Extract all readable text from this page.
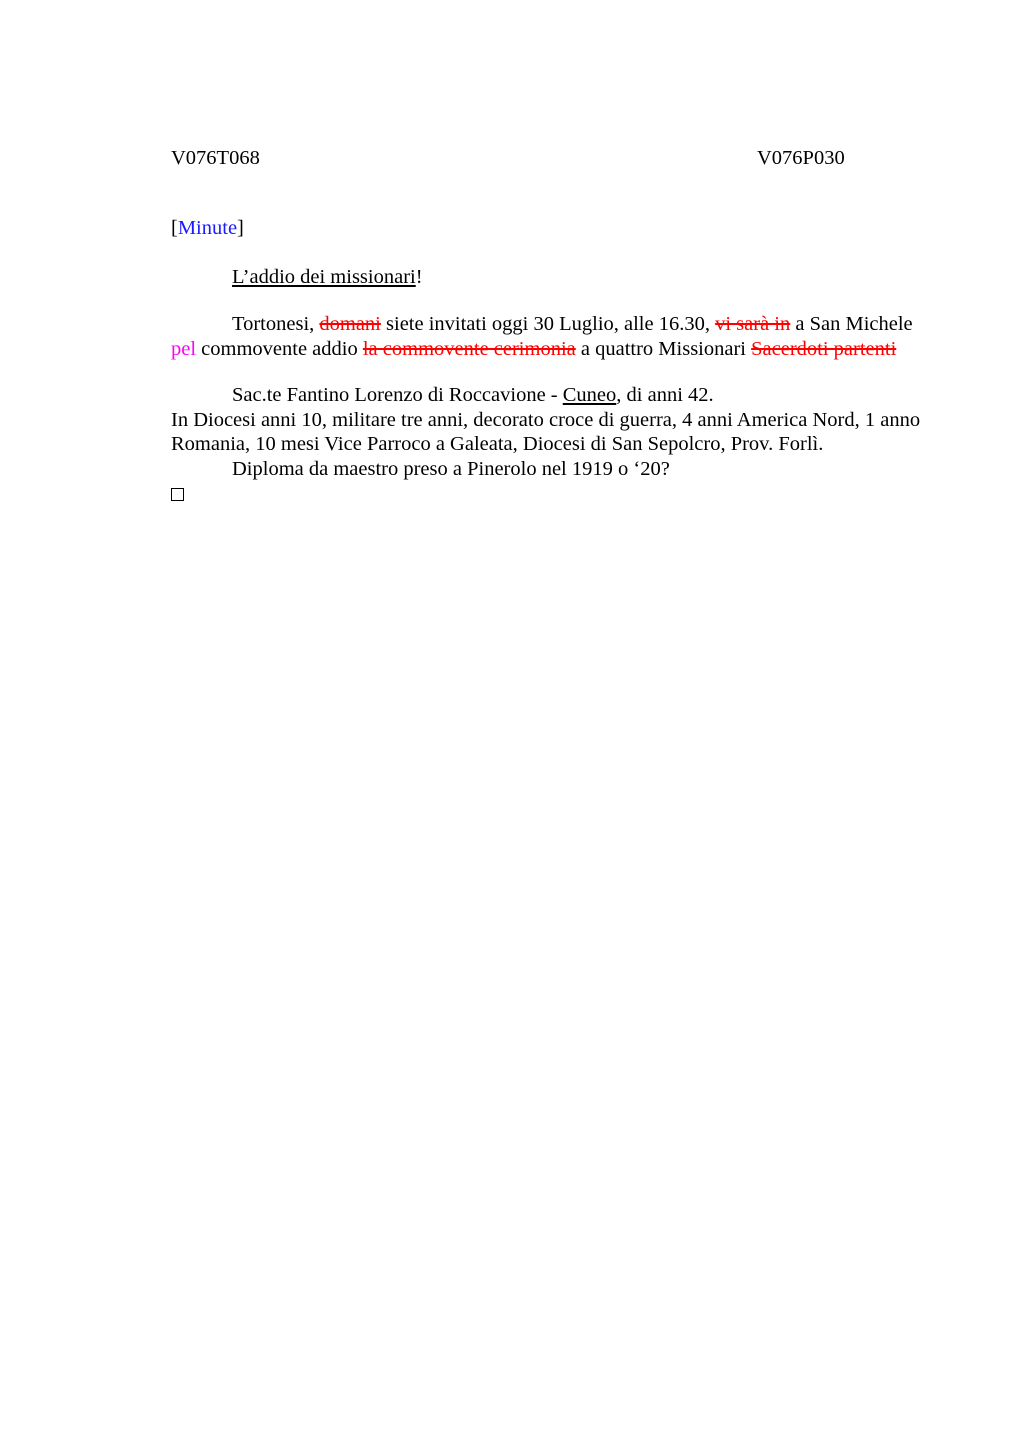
V076T068	V076P030
[Minute]
L’addio dei missionari!
Tortonesi, domani siete invitati oggi 30 Luglio, alle 16.30, vi sarà in a San Michele
pel commovente addio la commovente cerimonia a quattro Missionari Sacerdoti partenti
Sac.te Fantino Lorenzo di Roccavione - Cuneo, di anni 42.
In Diocesi anni 10, militare tre anni, decorato croce di guerra, 4 anni America Nord, 1 anno
Romania, 10 mesi Vice Parroco a Galeata, Diocesi di San Sepolcro, Prov. Forlì.
Diploma da maestro preso a Pinerolo nel 1919 o ‘20?
